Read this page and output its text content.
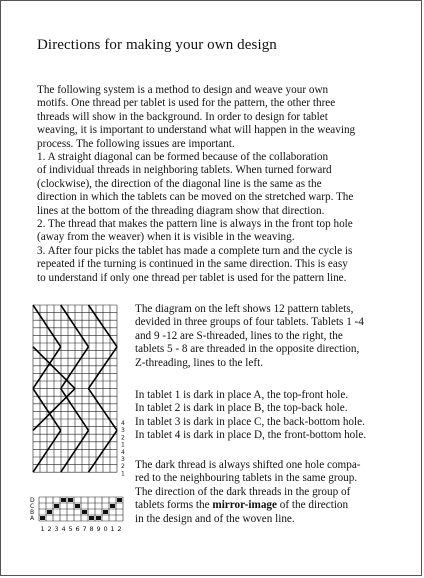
Directions for making your own design
The following system is a method to design and weave your own
motifs. One thread per tablet is used for the pattern, the other three
threads will show in the background. In order to design for tablet
weaving, it is important to understand what will happen in the weaving
process. The following issues are important.
1. A straight diagonal can be formed because of the collaboration
of individual threads in neighboring tablets. When turned forward
(clockwise), the direction of the diagonal line is the same as the
direction in which the tablets can be moved on the stretched warp. The
lines at the bottom of the threading diagram show that direction.
2. The thread that makes the pattern line is always in the front top hole
(away from the weaver) when it is visible in the weaving.
3. After four picks the tablet has made a complete turn and the cycle is
repeated if the turning is continued in the same direction. This is easy
to understand if only one thread per tablet is used for the pattern line.
4
3
2
1
4
3
2
1
D
C
B
A
1 2 3 4 5 6 7 8 9 0 1 2
The diagram on the left shows 12 pattern tablets,
devided in three groups of four tablets. Tablets 1 -4
and 9 -12 are S-threaded, lines to the right, the
tablets 5 - 8 are threaded in the opposite direction,
Z-threading, lines to the left.
In tablet 1 is dark in place A, the top-front hole.
In tablet 2 is dark in place B, the top-back hole.
In tablet 3 is dark in place C, the back-bottom hole.
In tablet 4 is dark in place D, the front-bottom hole.
The dark thread is always shifted one hole compa-
red to the neighbouring tablets in the same group.
The direction of the dark threads in the group of
tablets forms the mirror-image of the direction
in the design and of the woven line.
